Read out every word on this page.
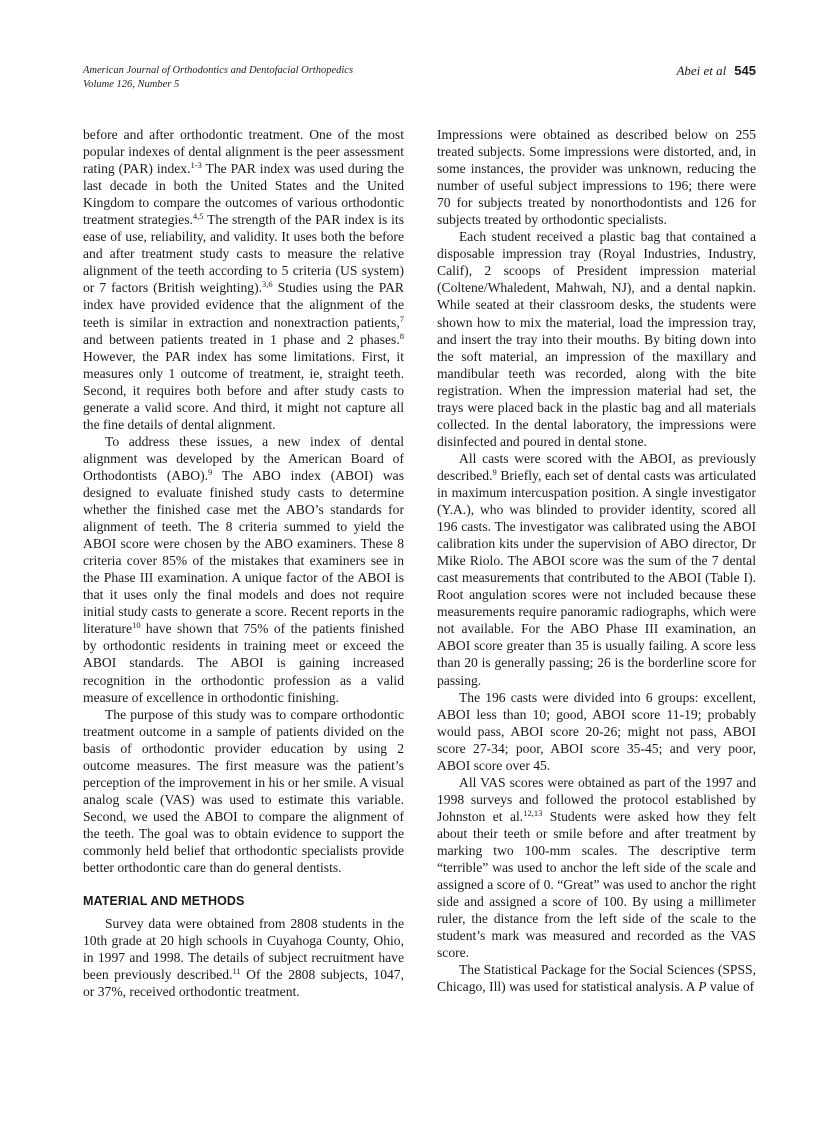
American Journal of Orthodontics and Dentofacial Orthopedics
Volume 126, Number 5
Abei et al 545

before and after orthodontic treatment. One of the most popular indexes of dental alignment is the peer assessment rating (PAR) index.$^{1-3}$ The PAR index was used during the last decade in both the United States and the United Kingdom to compare the outcomes of various orthodontic treatment strategies.$^{4,5}$ The strength of the PAR index is its ease of use, reliability, and validity. It uses both the before and after treatment study casts to measure the relative alignment of the teeth according to 5 criteria (US system) or 7 factors (British weighting).$^{3,6}$ Studies using the PAR index have provided evidence that the alignment of the teeth is similar in extraction and nonextraction patients,$^7$ and between patients treated in 1 phase and 2 phases.$^8$ However, the PAR index has some limitations. First, it measures only 1 outcome of treatment, ie, straight teeth. Second, it requires both before and after study casts to generate a valid score. And third, it might not capture all the fine details of dental alignment.

To address these issues, a new index of dental alignment was developed by the American Board of Orthodontists (ABO).$^9$ The ABO index (ABOI) was designed to evaluate finished study casts to determine whether the finished case met the ABO’s standards for alignment of teeth. The 8 criteria summed to yield the ABOI score were chosen by the ABO examiners. These 8 criteria cover 85% of the mistakes that examiners see in the Phase III examination. A unique factor of the ABOI is that it uses only the final models and does not require initial study casts to generate a score. Recent reports in the literature$^{10}$ have shown that 75% of the patients finished by orthodontic residents in training meet or exceed the ABOI standards. The ABOI is gaining increased recognition in the orthodontic profession as a valid measure of excellence in orthodontic finishing.

The purpose of this study was to compare orthodontic treatment outcome in a sample of patients divided on the basis of orthodontic provider education by using 2 outcome measures. The first measure was the patient’s perception of the improvement in his or her smile. A visual analog scale (VAS) was used to estimate this variable. Second, we used the ABOI to compare the alignment of the teeth. The goal was to obtain evidence to support the commonly held belief that orthodontic specialists provide better orthodontic care than do general dentists.

MATERIAL AND METHODS

Survey data were obtained from 2808 students in the 10th grade at 20 high schools in Cuyahoga County, Ohio, in 1997 and 1998. The details of subject recruitment have been previously described.$^{11}$ Of the 2808 subjects, 1047, or 37%, received orthodontic treatment.

Impressions were obtained as described below on 255 treated subjects. Some impressions were distorted, and, in some instances, the provider was unknown, reducing the number of useful subject impressions to 196; there were 70 for subjects treated by nonorthodontists and 126 for subjects treated by orthodontic specialists.

Each student received a plastic bag that contained a disposable impression tray (Royal Industries, Industry, Calif), 2 scoops of President impression material (Coltene/Whaledent, Mahwah, NJ), and a dental napkin. While seated at their classroom desks, the students were shown how to mix the material, load the impression tray, and insert the tray into their mouths. By biting down into the soft material, an impression of the maxillary and mandibular teeth was recorded, along with the bite registration. When the impression material had set, the trays were placed back in the plastic bag and all materials collected. In the dental laboratory, the impressions were disinfected and poured in dental stone.

All casts were scored with the ABOI, as previously described.$^9$ Briefly, each set of dental casts was articulated in maximum intercuspation position. A single investigator (Y.A.), who was blinded to provider identity, scored all 196 casts. The investigator was calibrated using the ABOI calibration kits under the supervision of ABO director, Dr Mike Riolo. The ABOI score was the sum of the 7 dental cast measurements that contributed to the ABOI (Table I). Root angulation scores were not included because these measurements require panoramic radiographs, which were not available. For the ABO Phase III examination, an ABOI score greater than 35 is usually failing. A score less than 20 is generally passing; 26 is the borderline score for passing.

The 196 casts were divided into 6 groups: excellent, ABOI less than 10; good, ABOI score 11-19; probably would pass, ABOI score 20-26; might not pass, ABOI score 27-34; poor, ABOI score 35-45; and very poor, ABOI score over 45.

All VAS scores were obtained as part of the 1997 and 1998 surveys and followed the protocol established by Johnston et al.$^{12,13}$ Students were asked how they felt about their teeth or smile before and after treatment by marking two 100-mm scales. The descriptive term “terrible” was used to anchor the left side of the scale and assigned a score of 0. “Great” was used to anchor the right side and assigned a score of 100. By using a millimeter ruler, the distance from the left side of the scale to the student’s mark was measured and recorded as the VAS score.

The Statistical Package for the Social Sciences (SPSS, Chicago, Ill) was used for statistical analysis. A P value of
